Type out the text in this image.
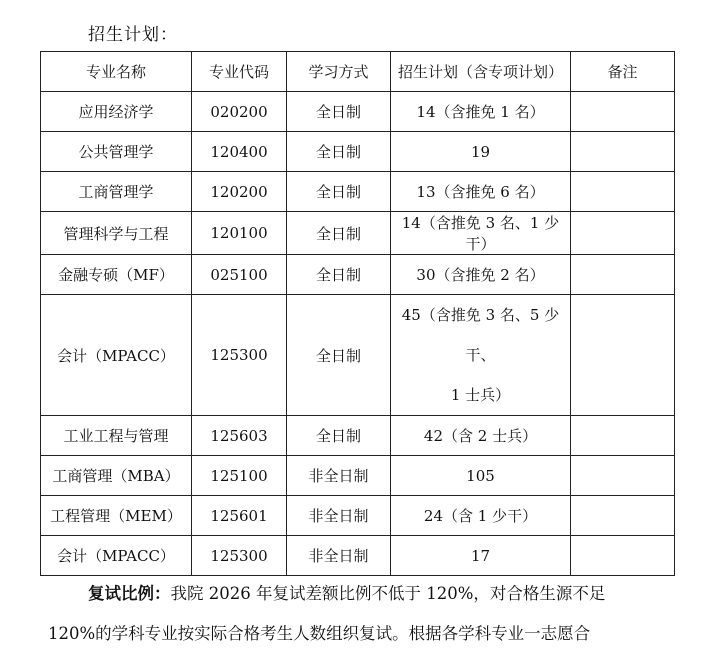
招生计划：
专业名称	专业代码	学习方式	招生计划（含专项计划）	备注
应用经济学	020200	全日制	14（含推免 1 名）	
公共管理学	120400	全日制	19	
工商管理学	120200	全日制	13（含推免 6 名）	
管理科学与工程	120100	全日制	14（含推免 3 名、1 少干）	
金融专硕（MF）	025100	全日制	30（含推免 2 名）	
会计（MPACC）	125300	全日制	45（含推免 3 名、5 少干、
1 士兵）	

工业工程与管理	125603	全日制	42（含 2 士兵）	
工商管理（MBA）	125100	非全日制	105	
工程管理（MEM）	125601	非全日制	24（含 1 少干）	
会计（MPACC）	125300	非全日制	17	
复试比例：我院 2026 年复试差额比例不低于 120%，对合格生源不足
120%的学科专业按实际合格考生人数组织复试。根据各学科专业一志愿合
